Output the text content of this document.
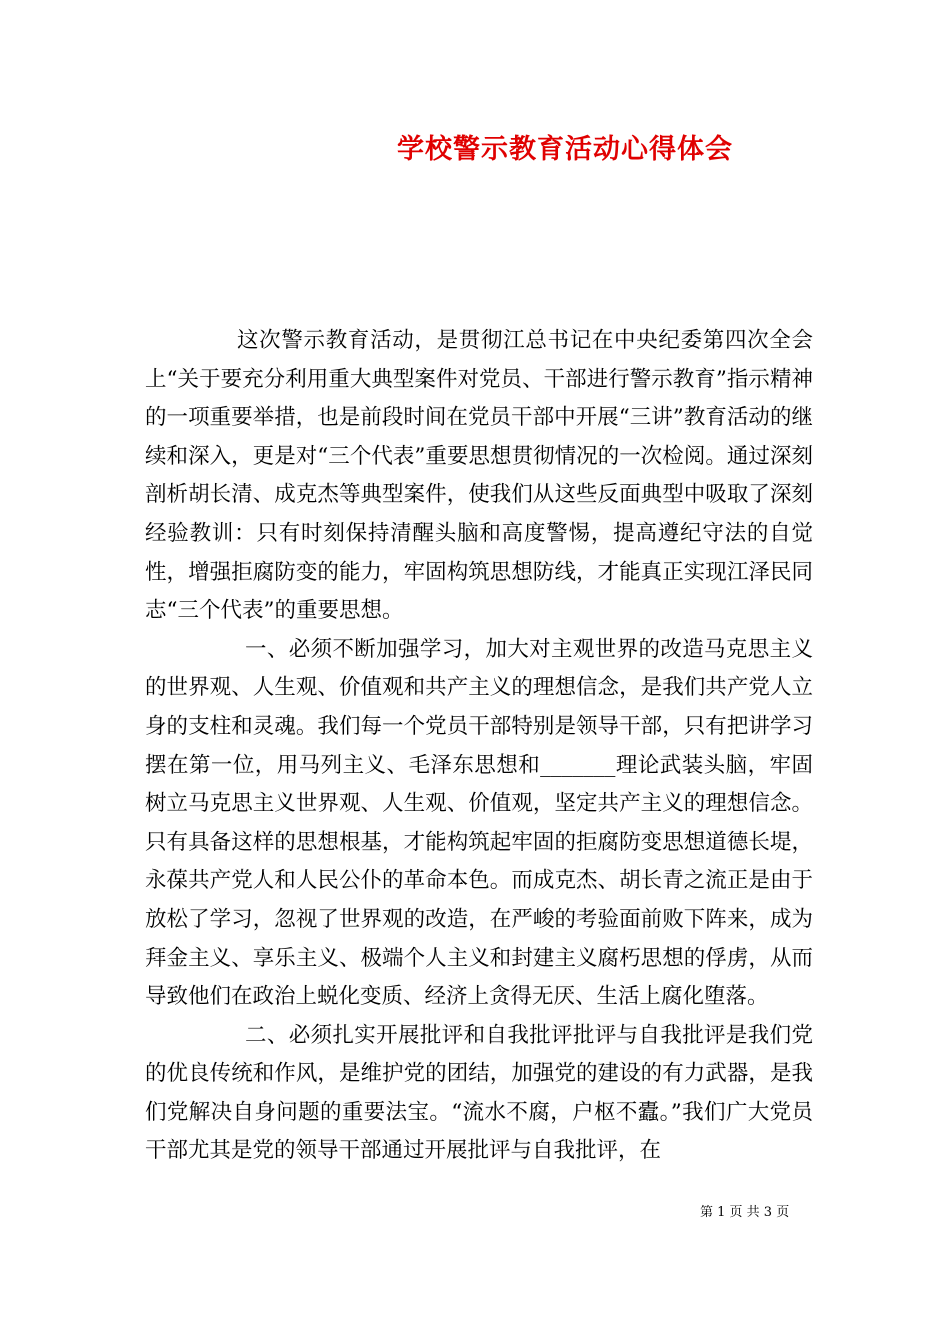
学校警示教育活动心得体会

这次警示教育活动，是贯彻江总书记在中央纪委第四次全会上“关于要充分利用重大典型案件对党员、干部进行警示教育”指示精神的一项重要举措，也是前段时间在党员干部中开展“三讲”教育活动的继续和深入，更是对“三个代表”重要思想贯彻情况的一次检阅。通过深刻剖析胡长清、成克杰等典型案件，使我们从这些反面典型中吸取了深刻经验教训：只有时刻保持清醒头脑和高度警惕，提高遵纪守法的自觉性，增强拒腐防变的能力，牢固构筑思想防线，才能真正实现江泽民同志“三个代表”的重要思想。

一、必须不断加强学习，加大对主观世界的改造马克思主义的世界观、人生观、价值观和共产主义的理想信念，是我们共产党人立身的支柱和灵魂。我们每一个党员干部特别是领导干部，只有把讲学习摆在第一位，用马列主义、毛泽东思想和_______理论武装头脑，牢固树立马克思主义世界观、人生观、价值观，坚定共产主义的理想信念。只有具备这样的思想根基，才能构筑起牢固的拒腐防变思想道德长堤，永葆共产党人和人民公仆的革命本色。而成克杰、胡长青之流正是由于放松了学习，忽视了世界观的改造，在严峻的考验面前败下阵来，成为拜金主义、享乐主义、极端个人主义和封建主义腐朽思想的俘虏，从而导致他们在政治上蜕化变质、经济上贪得无厌、生活上腐化堕落。

二、必须扎实开展批评和自我批评批评与自我批评是我们党的优良传统和作风，是维护党的团结，加强党的建设的有力武器，是我们党解决自身问题的重要法宝。“流水不腐，户枢不蠹。”我们广大党员干部尤其是党的领导干部通过开展批评与自我批评，在

第 1 页 共 3 页
